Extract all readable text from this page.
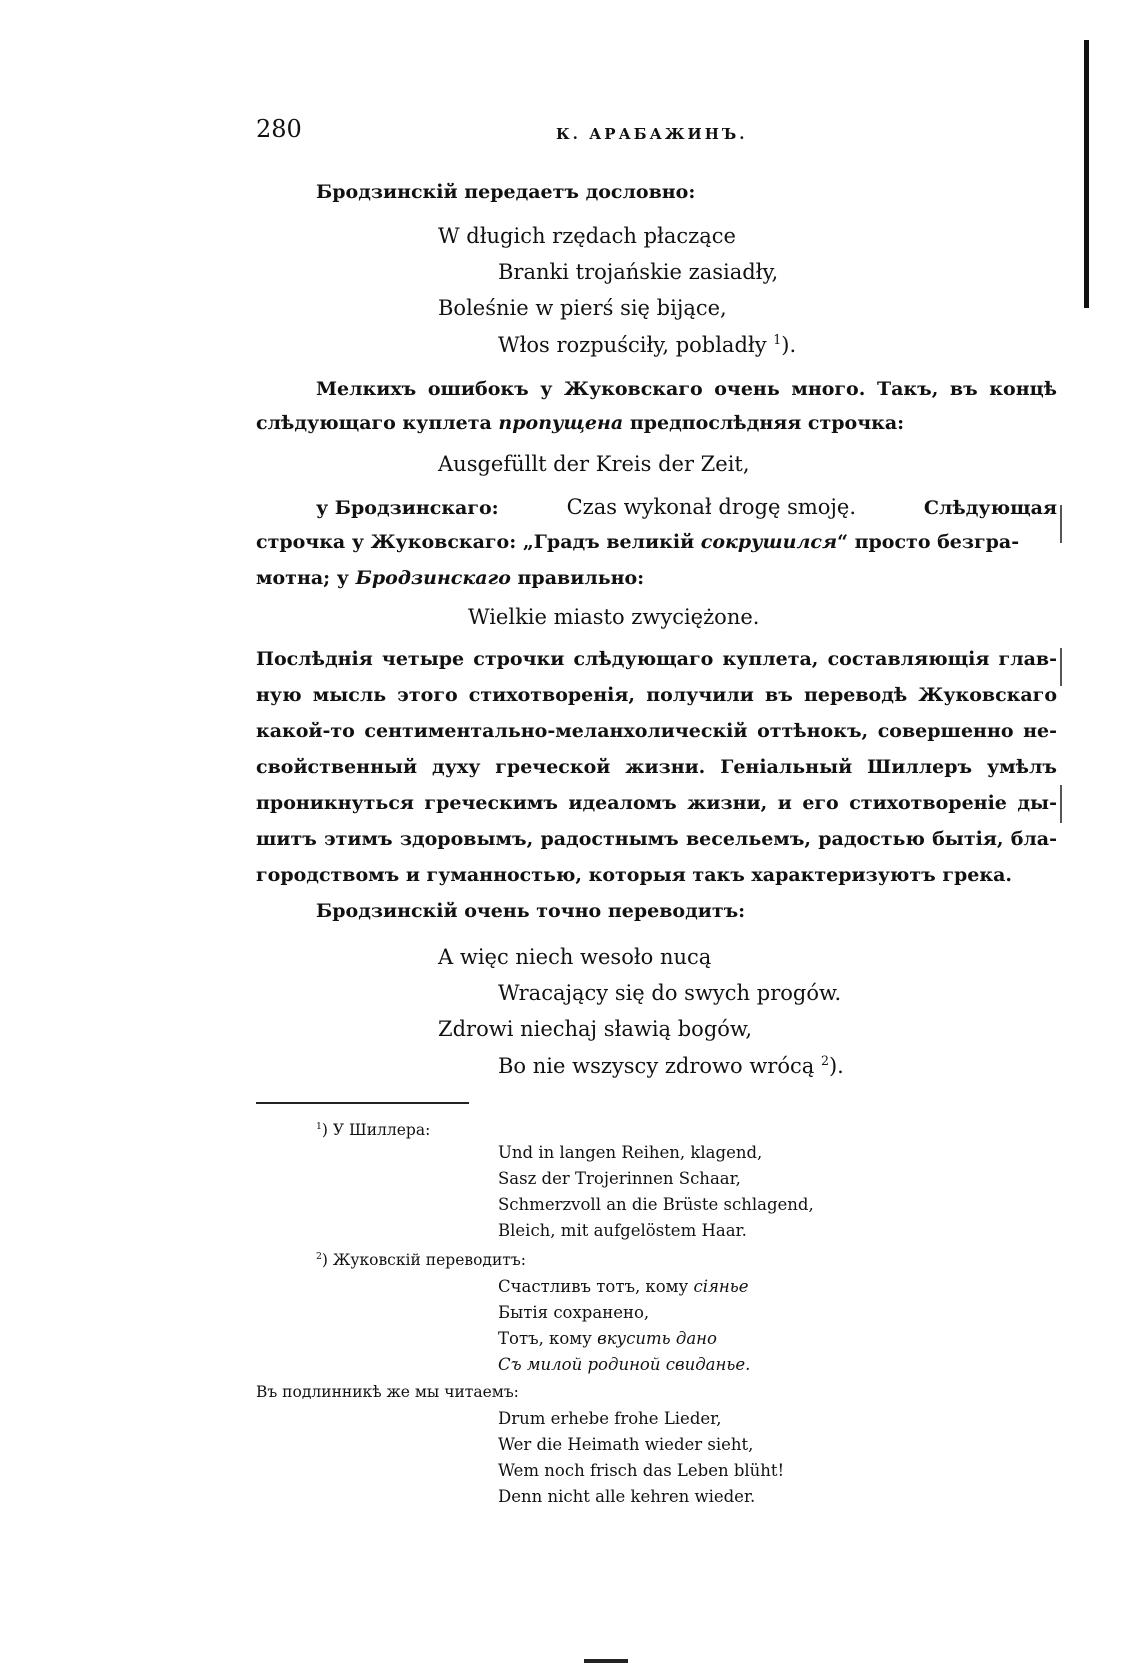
280	К. АРАБАЖИНЪ.
Бродзинскій передаетъ дословно:
W długich rzędach płaczące
Branki trojańskie zasiadły,
Boleśnie w pierś się bijące,
Włos rozpuściły, pobladły $^1$).
Мелкихъ ошибокъ у Жуковскаго очень много. Такъ, въ концѣ
слѣдующаго куплета пропущена предпослѣдняя строчка:
Ausgefüllt der Kreis der Zeit,
у Бродзинскаго:	Czas wykonał drogę smoję.	Слѣдующая
строчка у Жуковскаго: „Градъ великій сокрушился“ просто безгра-
мотна; у Бродзинскаго правильно:
Wielkie miasto zwyciężone.
Послѣднія четыре строчки слѣдующаго куплета, составляющія глав-
ную мысль этого стихотворенія, получили въ переводѣ Жуковскаго
какой-то сентиментально-меланхолическій оттѣнокъ, совершенно не-
свойственный духу греческой жизни. Геніальный Шиллеръ умѣлъ
проникнуться греческимъ идеаломъ жизни, и его стихотвореніе ды-
шитъ этимъ здоровымъ, радостнымъ весельемъ, радостью бытія, бла-
городствомъ и гуманностью, которыя такъ характеризуютъ грека.
Бродзинскій очень точно переводитъ:
A więc niech wesoło nucą
Wracający się do swych progów.
Zdrowi niechaj sławią bogów,
Bo nie wszyscy zdrowo wrócą $^2$).
$^1$) У Шиллера:
Und in langen Reihen, klagend,
Sasz der Trojerinnen Schaar,
Schmerzvoll an die Brüste schlagend,
Bleich, mit aufgelöstem Haar.
$^2$) Жуковскій переводитъ:
Счастливъ тотъ, кому сіянье
Бытія сохранено,
Тотъ, кому вкусить дано
Съ милой родиной свиданье.
Въ подлинникѣ же мы читаемъ:
Drum erhebe frohe Lieder,
Wer die Heimath wieder sieht,
Wem noch frisch das Leben blüht!
Denn nicht alle kehren wieder.
